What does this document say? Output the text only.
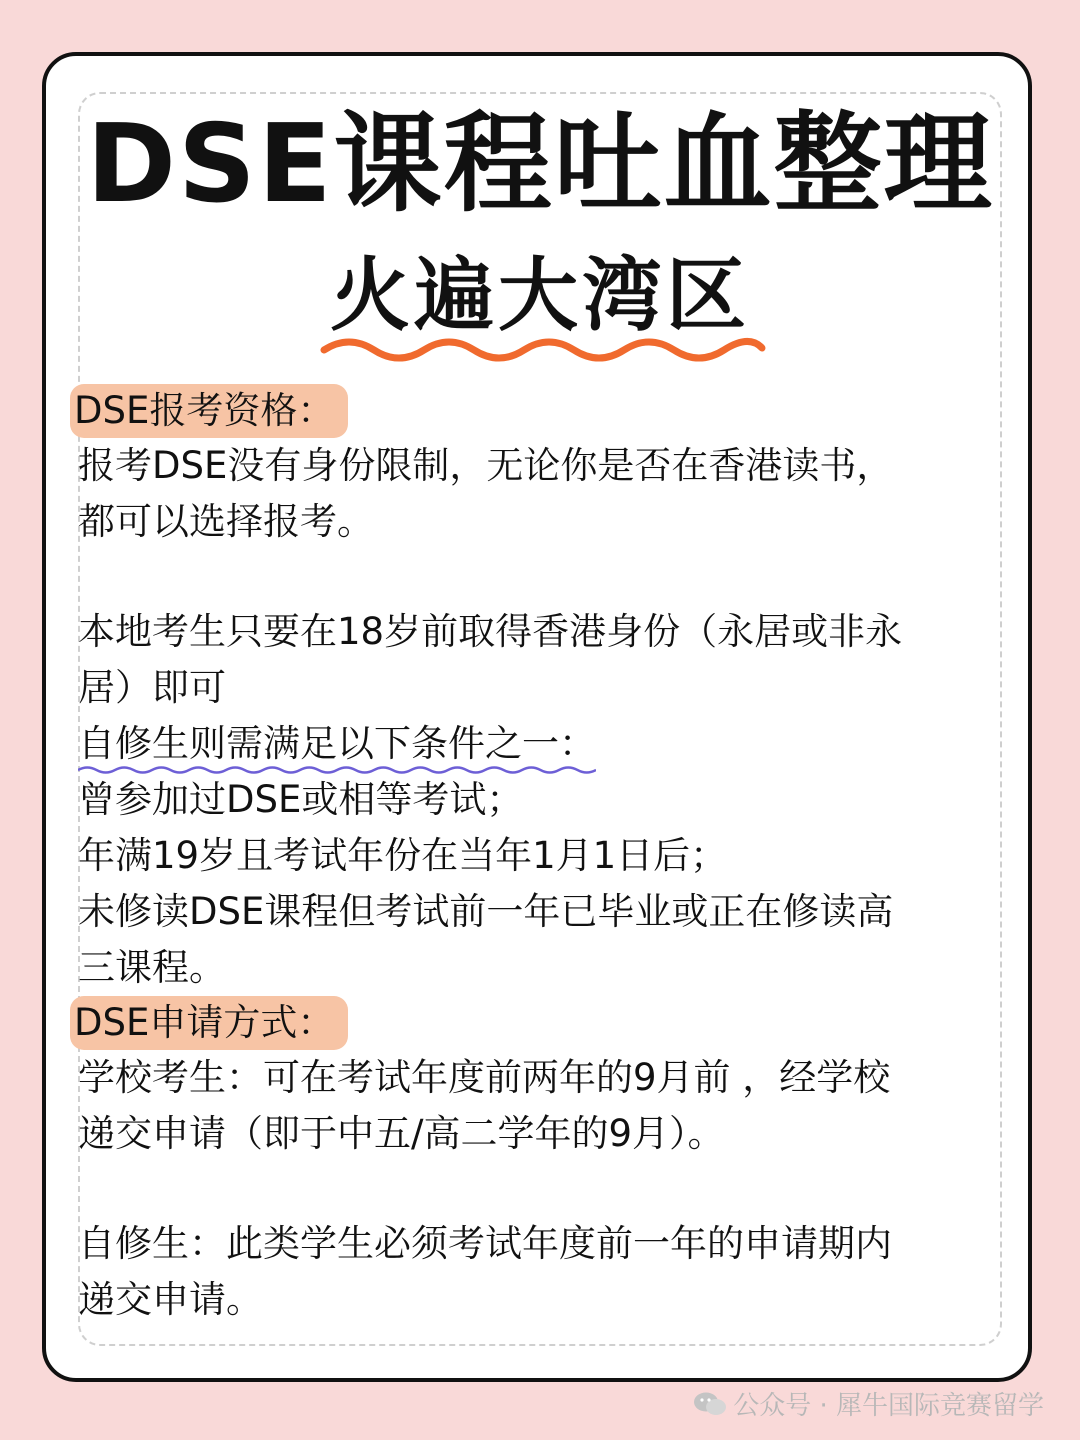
DSE课程吐血整理
火遍大湾区
DSE报考资格：

报考DSE没有身份限制，无论你是否在香港读书，
都可以选择报考。

本地考生只要在18岁前取得香港身份（永居或非永
居）即可

自修生则需满足以下条件之一：

曾参加过DSE或相等考试；
年满19岁且考试年份在当年1月1日后；
未修读DSE课程但考试前一年已毕业或正在修读高
三课程。

DSE申请方式：

学校考生：可在考试年度前两年的9月前 ，经学校
递交申请（即于中五/高二学年的9月）。

自修生：此类学生必须考试年度前一年的申请期内
递交申请。

公众号 · 犀牛国际竞赛留学
